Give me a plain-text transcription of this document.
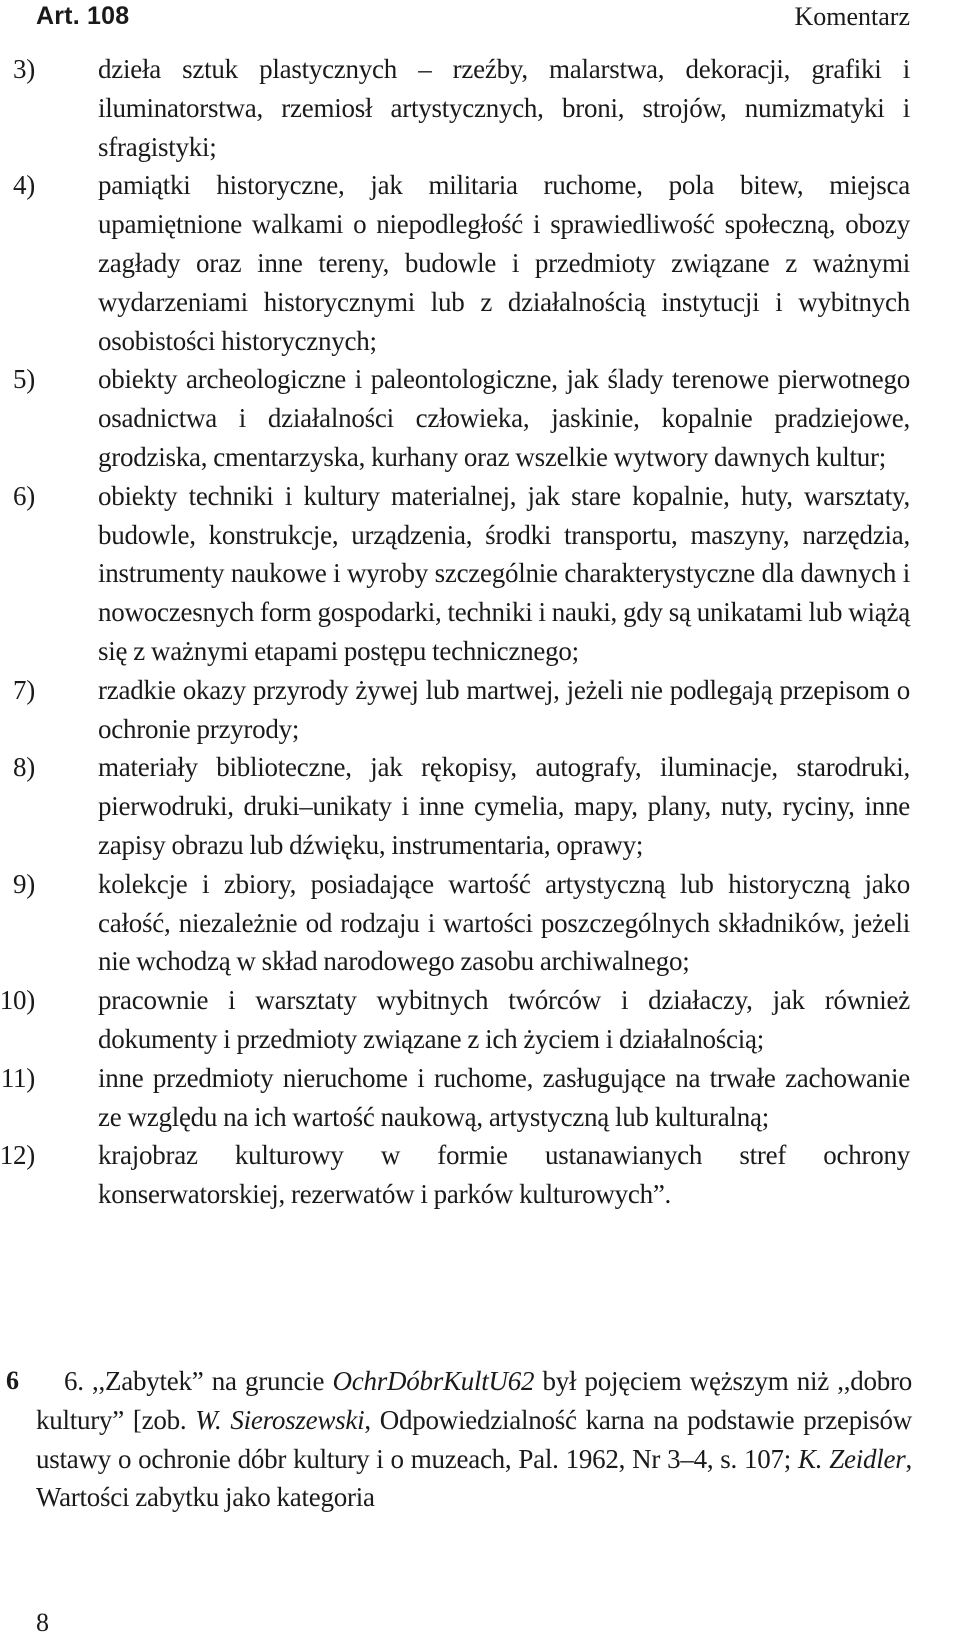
Art. 108	Komentarz
3) dzieła sztuk plastycznych – rzeźby, malarstwa, dekoracji, grafiki i iluminatorstwa, rzemiosł artystycznych, broni, strojów, numizmatyki i sfragistyki;
4) pamiątki historyczne, jak militaria ruchome, pola bitew, miejsca upamiętnione walkami o niepodległość i sprawiedliwość społeczną, obozy zagłady oraz inne tereny, budowle i przedmioty związane z ważnymi wydarzeniami historycznymi lub z działalnością instytucji i wybitnych osobistości historycznych;
5) obiekty archeologiczne i paleontologiczne, jak ślady terenowe pierwotnego osadnictwa i działalności człowieka, jaskinie, kopalnie pradziejowe, grodziska, cmentarzyska, kurhany oraz wszelkie wytwory dawnych kultur;
6) obiekty techniki i kultury materialnej, jak stare kopalnie, huty, warsztaty, budowle, konstrukcje, urządzenia, środki transportu, maszyny, narzędzia, instrumenty naukowe i wyroby szczególnie charakterystyczne dla dawnych i nowoczesnych form gospodarki, techniki i nauki, gdy są unikatami lub wiążą się z ważnymi etapami postępu technicznego;
7) rzadkie okazy przyrody żywej lub martwej, jeżeli nie podlegają przepisom o ochronie przyrody;
8) materiały biblioteczne, jak rękopisy, autografy, iluminacje, starodruki, pierwodruki, druki–unikaty i inne cymelia, mapy, plany, nuty, ryciny, inne zapisy obrazu lub dźwięku, instrumentaria, oprawy;
9) kolekcje i zbiory, posiadające wartość artystyczną lub historyczną jako całość, niezależnie od rodzaju i wartości poszczególnych składników, jeżeli nie wchodzą w skład narodowego zasobu archiwalnego;
10) pracownie i warsztaty wybitnych twórców i działaczy, jak również dokumenty i przedmioty związane z ich życiem i działalnością;
11) inne przedmioty nieruchome i ruchome, zasługujące na trwałe zachowanie ze względu na ich wartość naukową, artystyczną lub kulturalną;
12) krajobraz kulturowy w formie ustanawianych stref ochrony konserwatorskiej, rezerwatów i parków kulturowych”.
6	6. ,,Zabytek” na gruncie OchrDóbrKultU62 był pojęciem węższym niż ,,dobro kultury” [zob. W. Sieroszewski, Odpowiedzialność karna na podstawie przepisów ustawy o ochronie dóbr kultury i o muzeach, Pal. 1962, Nr 3–4, s. 107; K. Zeidler, Wartości zabytku jako kategoria

8
